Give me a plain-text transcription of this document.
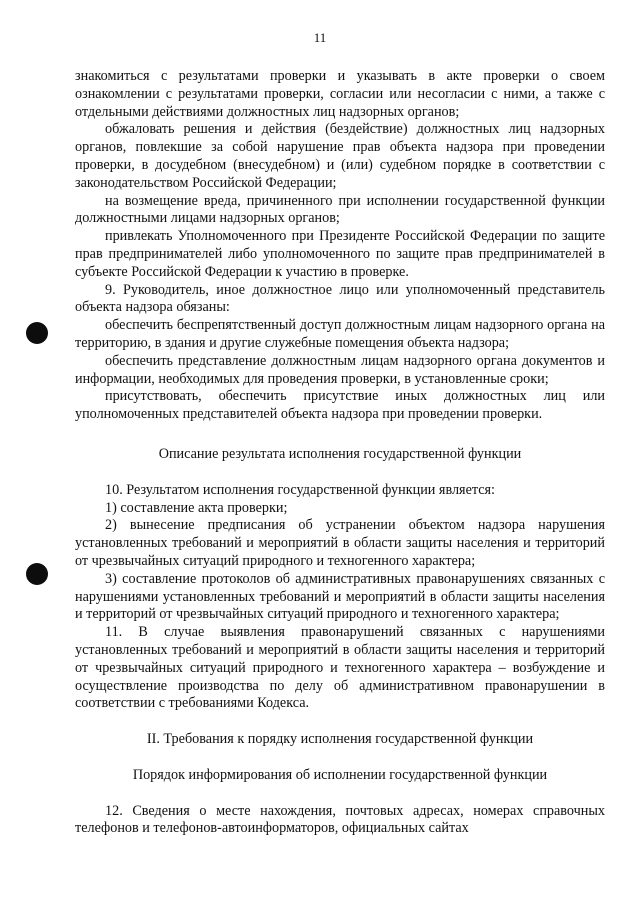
11

знакомиться с результатами проверки и указывать в акте проверки о своем ознакомлении с результатами проверки, согласии или несогласии с ними, а также с отдельными действиями должностных лиц надзорных органов;

обжаловать решения и действия (бездействие) должностных лиц надзорных органов, повлекшие за собой нарушение прав объекта надзора при проведении проверки, в досудебном (внесудебном) и (или) судебном порядке в соответствии с законодательством Российской Федерации;

на возмещение вреда, причиненного при исполнении государственной функции должностными лицами надзорных органов;

привлекать Уполномоченного при Президенте Российской Федерации по защите прав предпринимателей либо уполномоченного по защите прав предпринимателей в субъекте Российской Федерации к участию в проверке.

9. Руководитель, иное должностное лицо или уполномоченный представитель объекта надзора обязаны:

обеспечить беспрепятственный доступ должностным лицам надзорного органа на территорию, в здания и другие служебные помещения объекта надзора;

обеспечить представление должностным лицам надзорного органа документов и информации, необходимых для проведения проверки, в установленные сроки;

присутствовать, обеспечить присутствие иных должностных лиц или уполномоченных представителей объекта надзора при проведении проверки.

Описание результата исполнения государственной функции

10. Результатом исполнения государственной функции является:

1) составление акта проверки;

2) вынесение предписания об устранении объектом надзора нарушения установленных требований и мероприятий в области защиты населения и территорий от чрезвычайных ситуаций природного и техногенного характера;

3) составление протоколов об административных правонарушениях связанных с нарушениями установленных требований и мероприятий в области защиты населения и территорий от чрезвычайных ситуаций природного и техногенного характера;

11. В случае выявления правонарушений связанных с нарушениями установленных требований и мероприятий в области защиты населения и территорий от чрезвычайных ситуаций природного и техногенного характера – возбуждение и осуществление производства по делу об административном правонарушении в соответствии с требованиями Кодекса.

II. Требования к порядку исполнения государственной функции

Порядок информирования об исполнении государственной функции

12. Сведения о месте нахождения, почтовых адресах, номерах справочных телефонов и телефонов-автоинформаторов, официальных сайтах
